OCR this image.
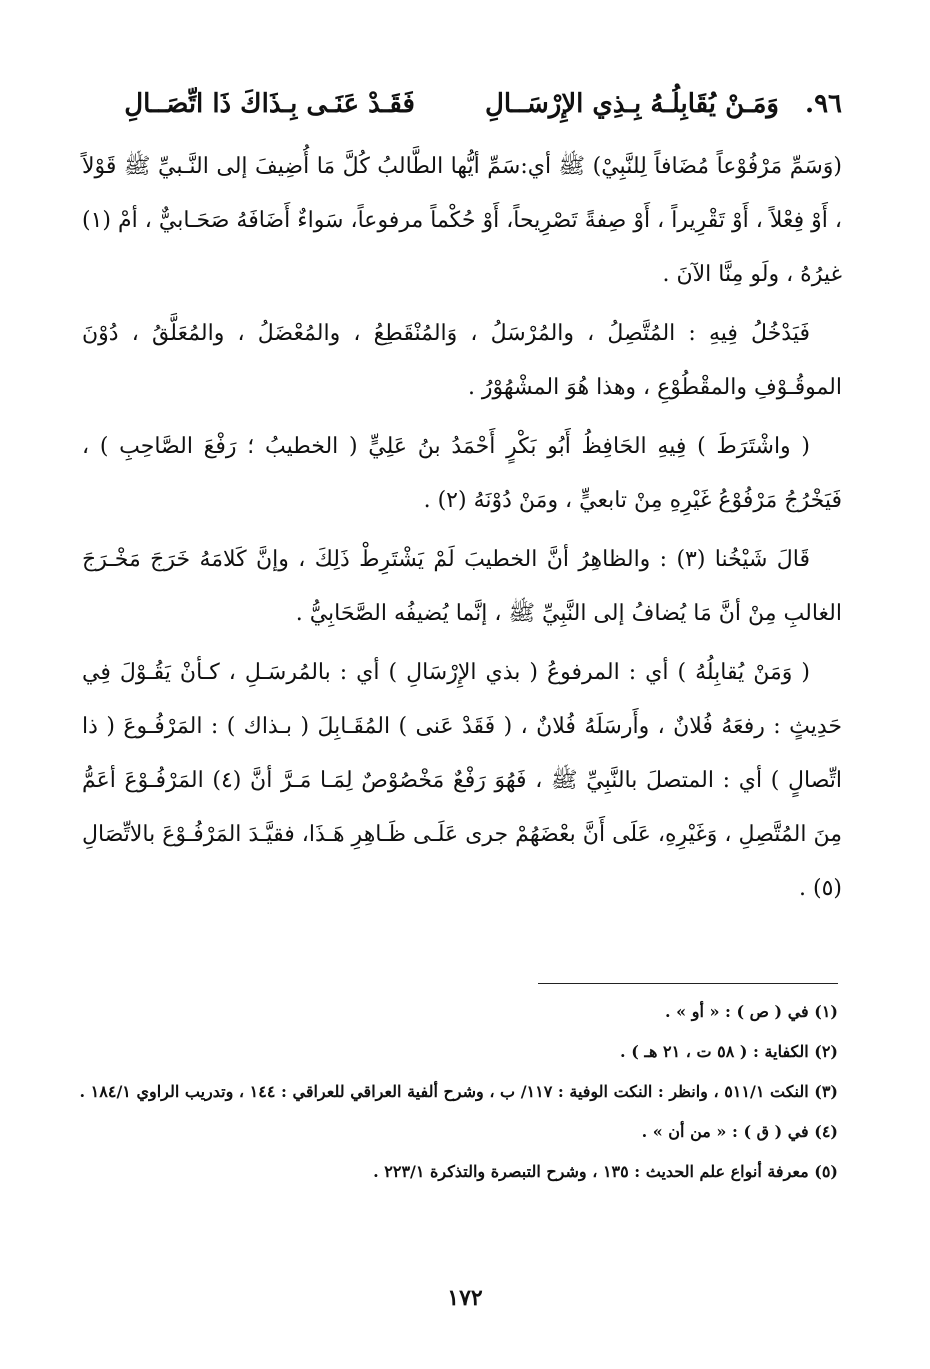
٩٦.
وَمَـنْ يُقَابِلُـهُ بِـذِي الإِرْسَــالِ
فَقَـدْ عَنَـى بِـذَاكَ ذَا اتِّصَــالِ

(وَسَمِّ مَرْفُوْعاً مُضَافاً لِلنَّبِيْ) ﷺ أي:سَمِّ أيُّها الطَّالبُ كُلَّ مَا أُضِيفَ إلى النَّـبيِّ ﷺ قَوْلاً ، أَوْ فِعْلاً ، أَوْ تَقْرِيراً ، أَوْ صِفةً تَصْرِيحاً، أَوْ حُكْماً مرفوعاً، سَواءٌ أَضَافَهُ صَحَـابيٌّ ، أمْ (١) غيرُهُ ، ولَو مِنَّا الآنَ .

فَيَدْخُلُ فِيهِ : المُتَّصِلُ ، والمُرْسَلُ ، وَالمُنْقَطِعُ ، والمُعْضَلُ ، والمُعَلَّقُ ، دُوْنَ الموقُـوْفِ والمقْطُوْعِ ، وهذا هُوَ المشْهُوْرُ .

( واشْتَرَطَ ) فِيهِ الحَافِظُ أَبُو بَكْرٍ أَحْمَدُ بنُ عَلِيٍّ ( الخطيبُ ؛ رَفْعَ الصَّاحِبِ ) ، فَيَخْرُجُ مَرْفُوْعُ غَيْرِهِ مِنْ تابعيٍّ ، ومَنْ دُوْنَهُ (٢) .

قَالَ شَيْخُنا (٣) : والظاهِرُ أنَّ الخطيبَ لَمْ يَشْتَرِطْ ذَلِكَ ، وإنَّ كَلامَهُ خَرَجَ مَخْـرَجَ الغالبِ مِنْ أنَّ مَا يُضافُ إلى النَّبِيِّ ﷺ ، إنَّما يُضيفُه الصَّحَابِيُّ .

( وَمَنْ يُقابِلُهُ ) أي : المرفوعُ ( بذي الإِرْسَالِ ) أي : بالمُرسَـلِ ، كـأنْ يَقُـوْلَ فِي حَدِيثٍ : رفعَهُ فُلانٌ ، وأَرسَلَهُ فُلانٌ ، ( فَقَدْ عَنى ) المُقَـابِلَ ( بـذاك ) : المَرْفُـوعَ ( ذا اتِّصالٍ ) أي : المتصلَ بالنَّبِيِّ ﷺ ، فَهُوَ رَفْعٌ مَخْصُوْصٌ لِمَـا مَـرَّ أنَّ (٤) المَرْفُـوْعَ أعَمُّ مِنَ المُتَّصِلِ ، وَغَيْرِهِ، عَلَى أَنَّ بعْضَهُمْ جرى عَلَـى ظَـاهِرِ هَـذَا، فقيَّـدَ المَرْفُـوْعَ بالاتِّصَالِ (٥) .

(١) في ( ص ) : « أو » .

(٢) الكفاية : ( ٥٨ ت ، ٢١ هـ ) .

(٣) النكت ٥١١/١ ، وانظر : النكت الوفية : ١١٧/ ب ، وشرح ألفية العراقي للعراقي : ١٤٤ ، وتدريب الراوي ١٨٤/١ .

(٤) في ( ق ) : « من أن » .

(٥) معرفة أنواع علم الحديث : ١٣٥ ، وشرح التبصرة والتذكرة ٢٢٣/١ .

١٧٢
